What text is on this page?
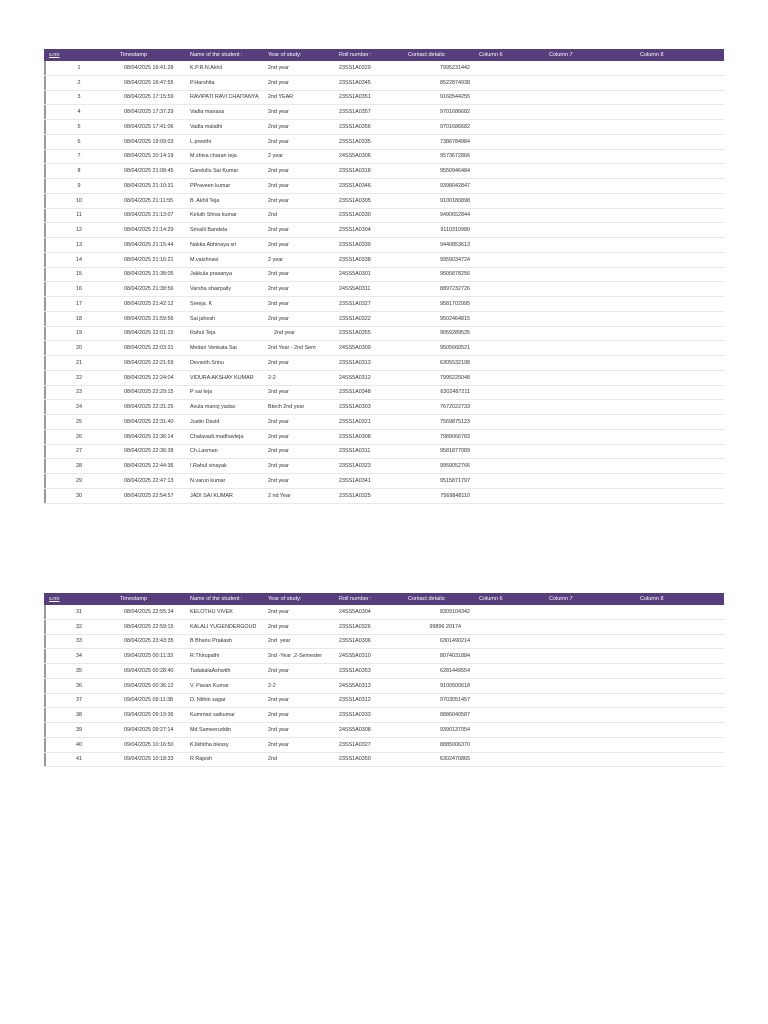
s.no	Timestamp	Name of the student :	Year of study:	Roll number :	Contact details:	Column 6	Column 7	Column 8
1	08/04/2025 16:41:28	K.P.R.N.Akhil	2nd year	23SS1A0329	7995231442
2	08/04/2025 16:47:55	P.Harshita	2nd year	23SS1A0345	8522874938
3	08/04/2025 17:15:59	RAVIPATI RAVI CHAITANYA	2nd YEAR	23SS1A0351	9160544255
4	08/04/2025 17:37:29	Vadla manasa	2nd year	23SS1A0357	9701686682
5	08/04/2025 17:41:06	Vadla malathi	2nd year	23SS1A0356	9701686682
6	08/04/2025 19:09:03	L.preethi	2nd year	23SS1A0335	7386784984
7	08/04/2025 20:14:19	M.shiva charan teja	2 year	24SS5A0306	9573672866
8	08/04/2025 21:08:45	Garelollu Sai Kumar	2nd year	23SS1A0318	9550946484
9	08/04/2025 21:10:31	PPraveen kumar	2nd year	23SS1A0346	9398042847
10	08/04/2025 21:11:55	B. Akhil Teja	2nd year	23SS1A0305	9100180898
11	08/04/2025 21:13:07	Keluth Shiva kumar	2nd	23SS1A0330	9490652844
12	08/04/2025 21:14:29	Srivalli Bandela	2nd year	23SS1A0304	9110310980
13	08/04/2025 21:15:44	Nakka Abhinaya sri	2nd year	23SS1A0339	9440853613
14	08/04/2025 21:16:21	M.vaishnavi	2 year	23SS1A0338	9959034724
15	08/04/2025 21:38:05	Jakkula prasanya	2nd year	24SS5A0301	9505878256
16	08/04/2025 21:38:56	Varsha shairpally	2nd year	24SS5A0311	8897232726
17	08/04/2025 21:42:12	Sreeja. K	2nd year	23SS1A0327	9581702995
18	08/04/2025 21:59:56	Sai jahesh	2nd year	23SS1A0322	9502464815
19	08/04/2025 22:01:15	Rahul Teja	2nd year	23SS1A0355	9059289535
20	08/04/2025 22:03:31	Medari Venkata Sai	2nd Year - 2nd Sem	24SS5A0309	9505660521
21	08/04/2025 22:21:59	Devsoth.Srinu	2nd year	23SS1A0313	6305532198
22	08/04/2025 22:24:04	VIDURA AKSHAY KUMAR	2-2	24SS5A0312	7995225048
23	08/04/2025 22:29:15	P sai teja	2nd year	23SS1A0348	6302487211
24	08/04/2025 22:31:25	Avula manoj yadav	Btech 2nd year	23SS1A0303	7672022733
25	08/04/2025 22:31:40	Justin David	2nd year	23SS1A0321	7569875123
26	08/04/2025 22:36:14	Chalavadi.madhavteja	2nd year	23SS1A0308	7989066783
27	08/04/2025 22:36:38	Ch.Laxman	2nd year	23SS1A0311	9581877089
28	08/04/2025 22:44:36	I.Rahul vinayak	2nd year	23SS1A0323	9959052766
29	08/04/2025 22:47:13	N.varun kumar	2nd year	23SS1A0341	9515871797
30	08/04/2025 22:54:57	JADI SAI KUMAR	2 nd Year	23SS1A0325	7569848110
s.no	Timestamp	Name of the student :	Year of study:	Roll number :	Contact details:	Column 6	Column 7	Column 8
31	08/04/2025 22:55:34	KELOTHU VIVEK	2nd year	24SS5A0304	8309104342
32	08/04/2025 22:59:15	KALALI YUGENDERGOUD	2nd year	23SS1A0326	99896 20174
33	08/04/2025 23:43:35	B Bhanu Prakash	2nd  year	23SS1A0306	6301490214
34	09/04/2025 00:11:33	R.Thirupathi	2nd -Year ,2-Semester	24SS5A0310	8074031884
35	09/04/2025 00:28:40	TadakalaAshwith	2nd year	23SS1A0353	6281449554
36	09/04/2025 00:36:12	V. Pavan Kumar	2-2	24SS5A0313	9100500618
37	09/04/2025 09:11:38	D. Nithin sagar	2nd year	23SS1A0312	9703051457
38	09/04/2025 09:19:36	Kummari saikumar	2nd year	23SS1A0333	8886040587
39	09/04/2025 09:27:14	Md Sameeruddin	2nd year	24SS5A0308	9390137054
40	09/04/2025 10:16:50	K.likhitha blessy	2nd year	23SS1A0327	8885006370
41	09/04/2025 10:18:33	R Rajesh	2nd	23SS1A0350	6302470865
